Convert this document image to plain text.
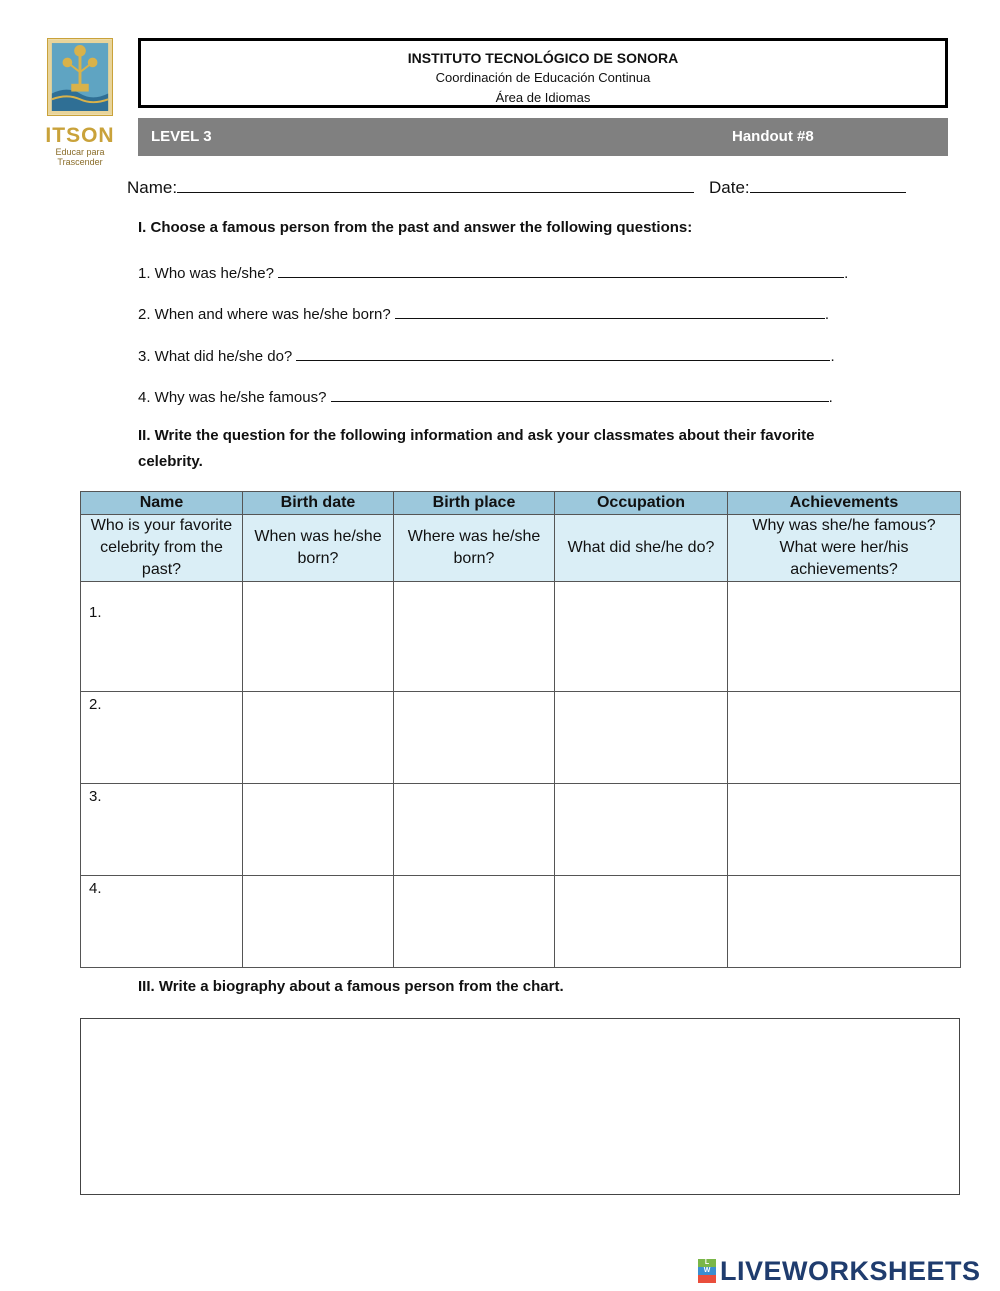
ITSON
Educar para
Trascender
INSTITUTO TECNOLÓGICO DE SONORA
Coordinación de Educación Continua
Área de Idiomas
LEVEL 3	Handout #8
Name:	Date:
I. Choose a famous person from the past and answer the following questions:
1. Who was he/she?	.
2. When and where was he/she born?	.
3. What did he/she do?	.
4. Why was he/she famous?	.
II. Write the question for the following information and ask your classmates about their favorite
celebrity.
Name	Birth date	Birth place	Occupation	Achievements
Who is your favorite celebrity from the past?	When was he/she born?	Where was he/she born?	What did she/he do?	Why was she/he famous? What were her/his achievements?
1.				
2.				
3.				
4.				
III. Write a biography about a famous person from the chart.
L
W LIVEWORKSHEETS
